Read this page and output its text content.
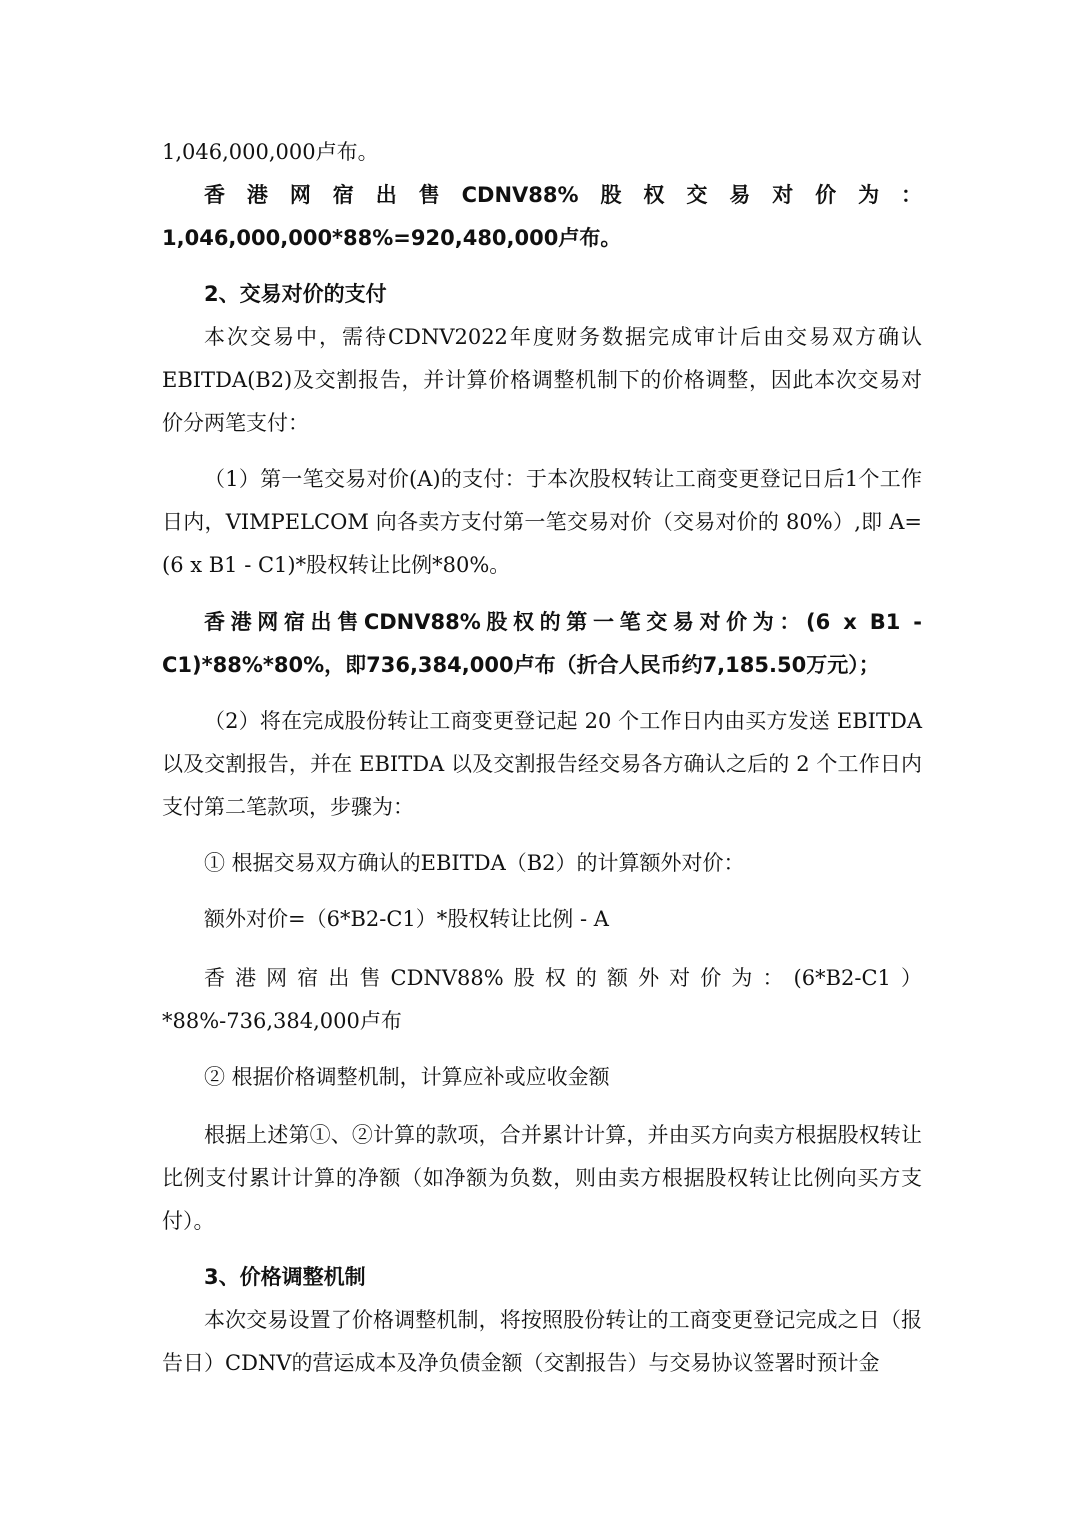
1,046,000,000卢布。

香港网宿出售CDNV88%股权交易对价为：1,046,000,000*88%=920,480,000卢布。

2、交易对价的支付

本次交易中，需待CDNV2022年度财务数据完成审计后由交易双方确认EBITDA(B2)及交割报告，并计算价格调整机制下的价格调整，因此本次交易对价分两笔支付：

（1）第一笔交易对价(A)的支付：于本次股权转让工商变更登记日后1个工作日内，VIMPELCOM 向各卖方支付第一笔交易对价（交易对价的 80%）,即 A=(6 x B1 - C1)*股权转让比例*80%。

香港网宿出售CDNV88%股权的第一笔交易对价为：(6 x B1 - C1)*88%*80%，即736,384,000卢布（折合人民币约7,185.50万元）；

（2）将在完成股份转让工商变更登记起 20 个工作日内由买方发送 EBITDA 以及交割报告，并在 EBITDA 以及交割报告经交易各方确认之后的 2 个工作日内支付第二笔款项，步骤为：

① 根据交易双方确认的EBITDA（B2）的计算额外对价：

额外对价=（6*B2-C1）*股权转让比例 - A

香港网宿出售CDNV88%股权的额外对价为：(6*B2-C1）*88%-736,384,000卢布

② 根据价格调整机制，计算应补或应收金额

根据上述第①、②计算的款项，合并累计计算，并由买方向卖方根据股权转让比例支付累计计算的净额（如净额为负数，则由卖方根据股权转让比例向买方支付）。

3、价格调整机制

本次交易设置了价格调整机制，将按照股份转让的工商变更登记完成之日（报告日）CDNV的营运成本及净负债金额（交割报告）与交易协议签署时预计金
